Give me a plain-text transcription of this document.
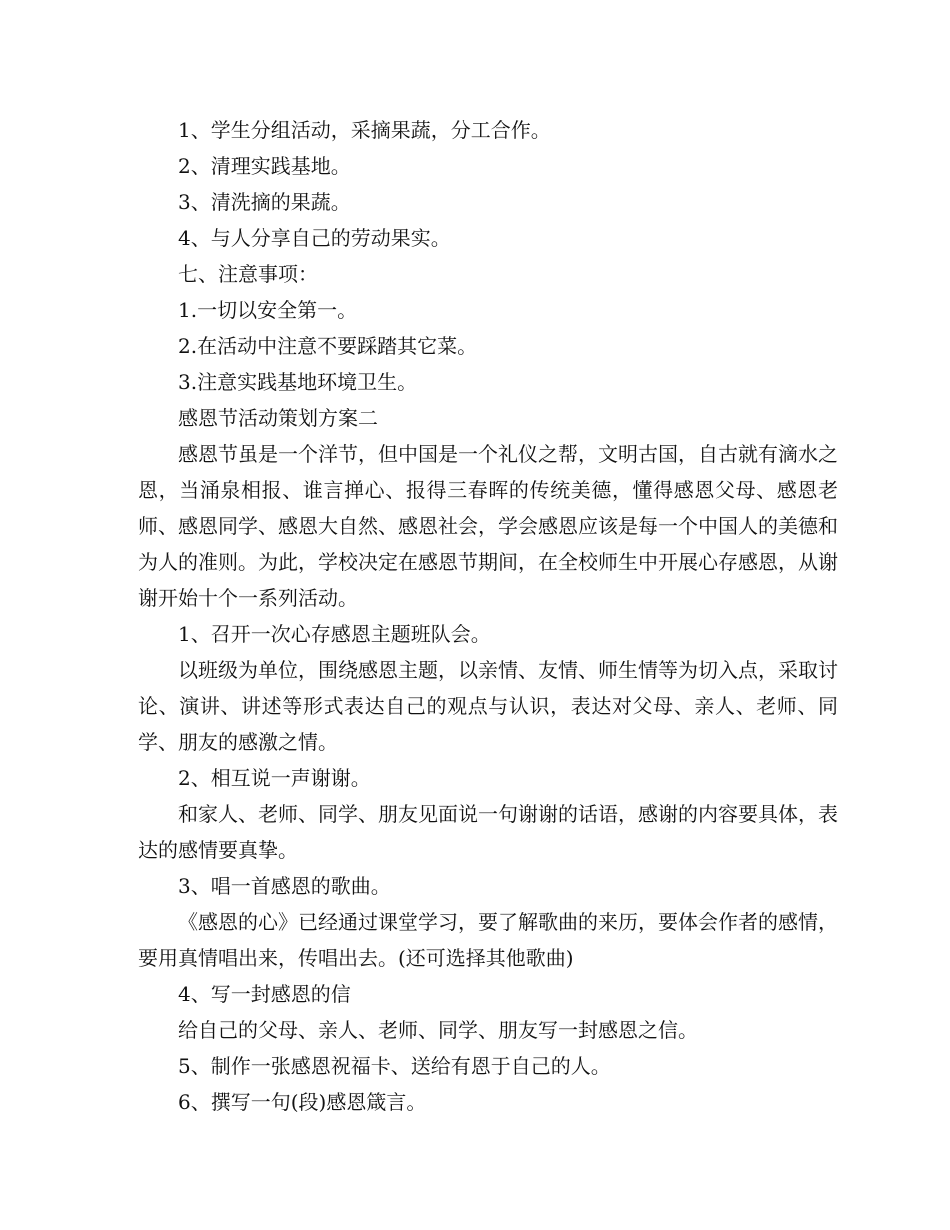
1、学生分组活动，采摘果蔬，分工合作。

2、清理实践基地。

3、清洗摘的果蔬。

4、与人分享自己的劳动果实。

七、注意事项：

1.一切以安全第一。

2.在活动中注意不要踩踏其它菜。

3.注意实践基地环境卫生。

感恩节活动策划方案二

感恩节虽是一个洋节，但中国是一个礼仪之帮，文明古国，自古就有滴水之恩，当涌泉相报、谁言掸心、报得三春晖的传统美德，懂得感恩父母、感恩老师、感恩同学、感恩大自然、感恩社会，学会感恩应该是每一个中国人的美德和为人的准则。为此，学校决定在感恩节期间，在全校师生中开展心存感恩，从谢谢开始十个一系列活动。

1、召开一次心存感恩主题班队会。

以班级为单位，围绕感恩主题，以亲情、友情、师生情等为切入点，采取讨论、演讲、讲述等形式表达自己的观点与认识，表达对父母、亲人、老师、同学、朋友的感激之情。

2、相互说一声谢谢。

和家人、老师、同学、朋友见面说一句谢谢的话语，感谢的内容要具体，表达的感情要真挚。

3、唱一首感恩的歌曲。

《感恩的心》已经通过课堂学习，要了解歌曲的来历，要体会作者的感情，要用真情唱出来，传唱出去。(还可选择其他歌曲)

4、写一封感恩的信

给自己的父母、亲人、老师、同学、朋友写一封感恩之信。

5、制作一张感恩祝福卡、送给有恩于自己的人。

6、撰写一句(段)感恩箴言。
